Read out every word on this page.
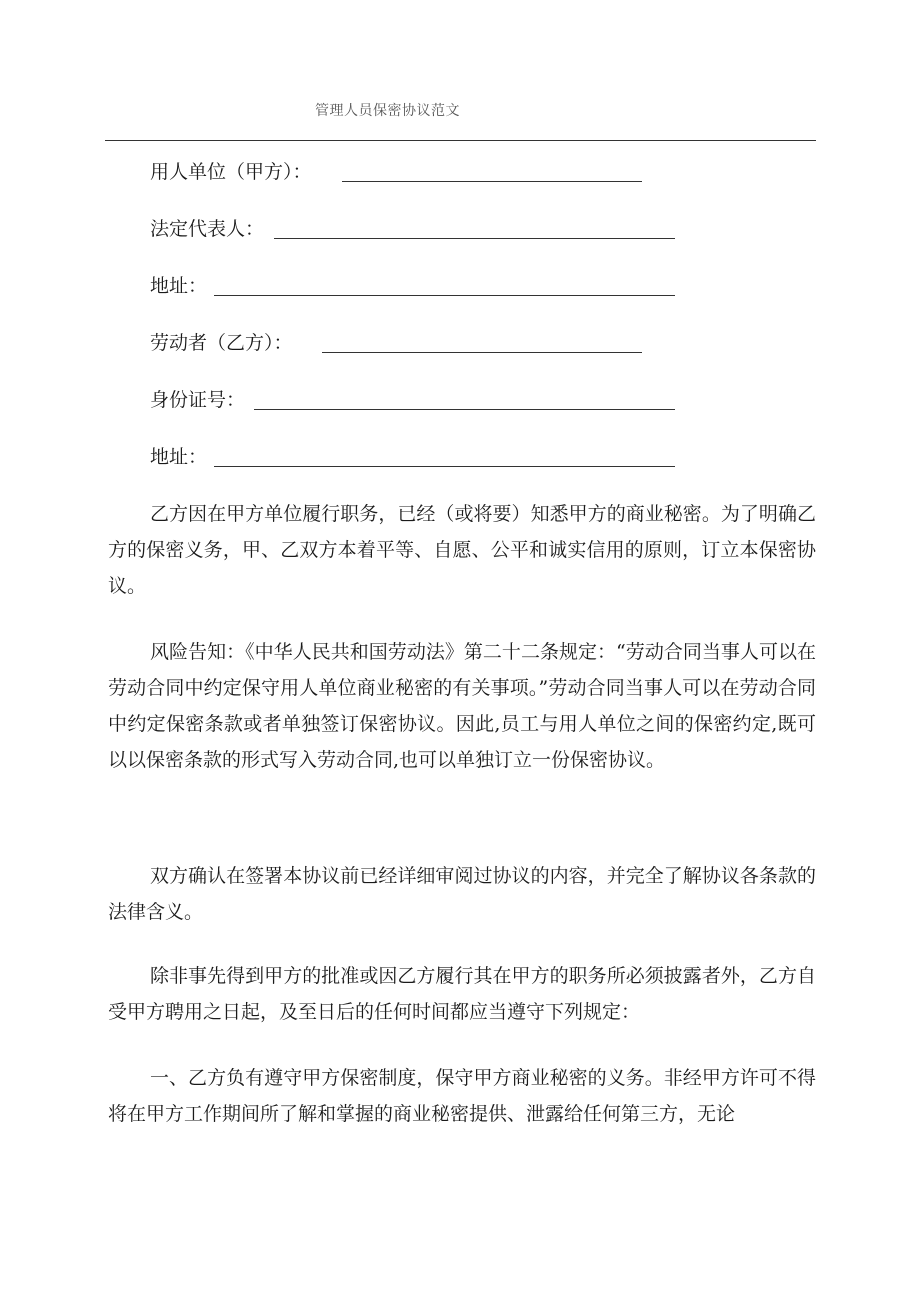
管理人员保密协议范文
用人单位（甲方）：
法定代表人：
地址：
劳动者（乙方）：
身份证号：
地址：

乙方因在甲方单位履行职务，已经（或将要）知悉甲方的商业秘密。为了明确乙方的保密义务，甲、乙双方本着平等、自愿、公平和诚实信用的原则，订立本保密协议。

风险告知：《中华人民共和国劳动法》第二十二条规定：“劳动合同当事人可以在劳动合同中约定保守用人单位商业秘密的有关事项。”劳动合同当事人可以在劳动合同中约定保密条款或者单独签订保密协议。因此,员工与用人单位之间的保密约定,既可以以保密条款的形式写入劳动合同,也可以单独订立一份保密协议。

双方确认在签署本协议前已经详细审阅过协议的内容，并完全了解协议各条款的法律含义。

除非事先得到甲方的批准或因乙方履行其在甲方的职务所必须披露者外，乙方自受甲方聘用之日起，及至日后的任何时间都应当遵守下列规定：

一、乙方负有遵守甲方保密制度，保守甲方商业秘密的义务。非经甲方许可不得将在甲方工作期间所了解和掌握的商业秘密提供、泄露给任何第三方，无论
